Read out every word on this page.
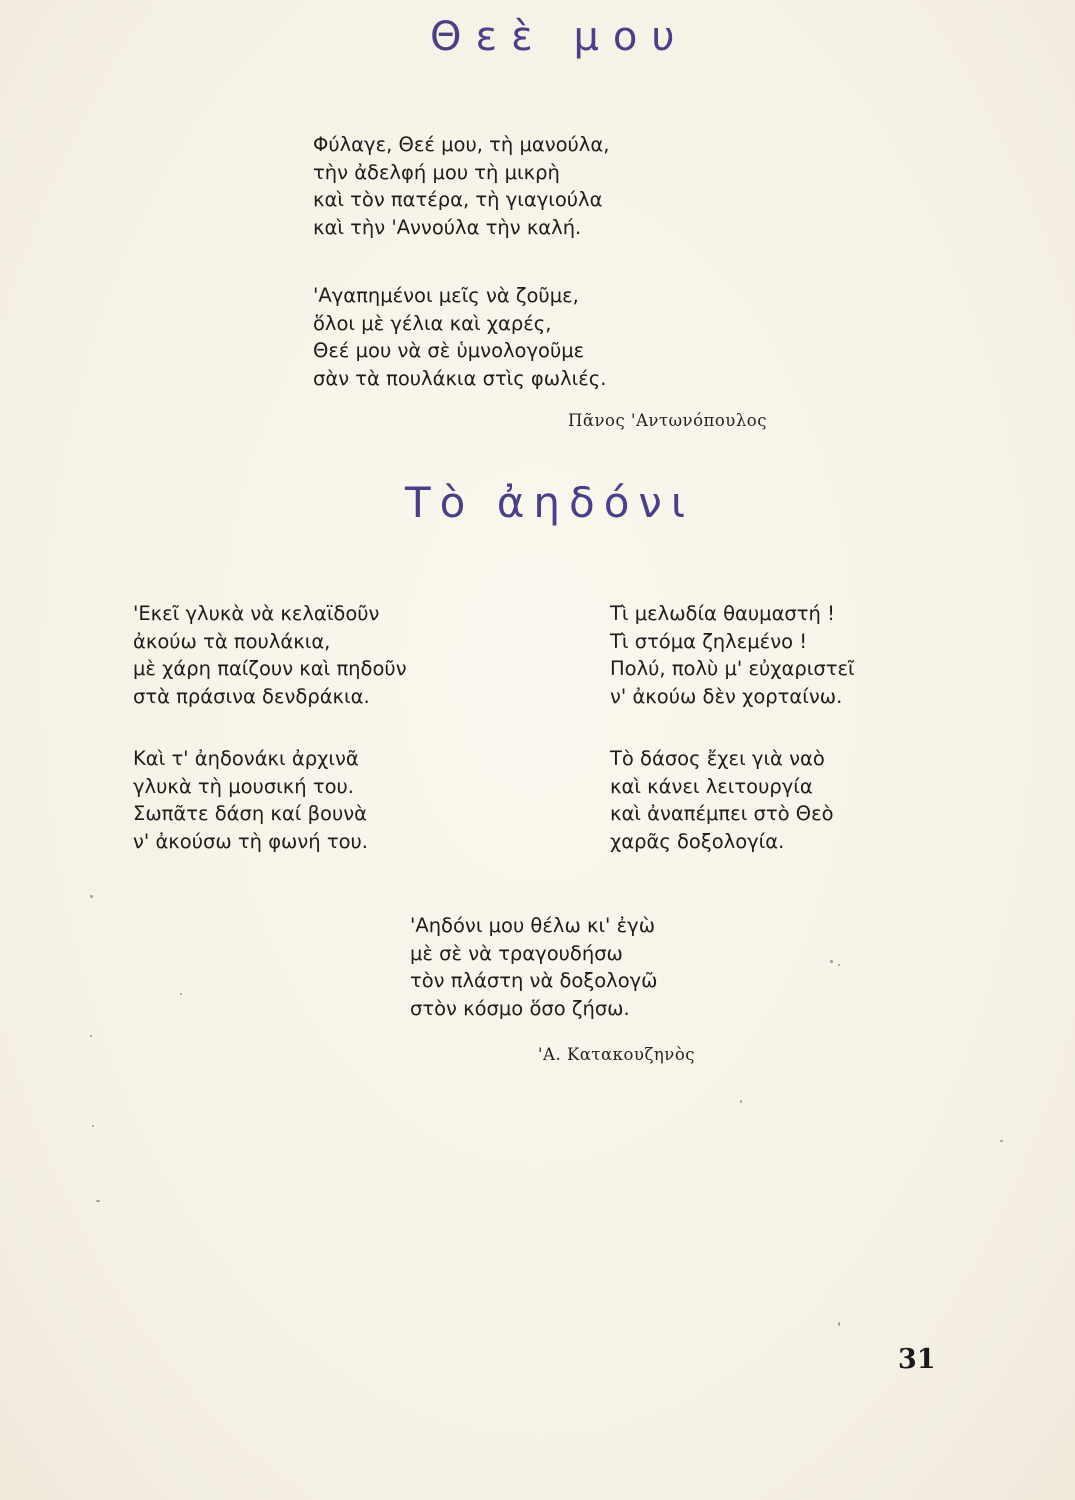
Θεὲ μου
Φύλαγε, Θεέ μου, τὴ μανούλα,
τὴν ἀδελφή μου τὴ μικρὴ
καὶ τὸν πατέρα, τὴ γιαγιούλα
καὶ τὴν 'Αννούλα τὴν καλή.
'Αγαπημένοι μεῖς νὰ ζοῦμε,
ὅλοι μὲ γέλια καὶ χαρές,
Θεέ μου νὰ σὲ ὑμνολογοῦμε
σὰν τὰ πουλάκια στὶς φωλιές.
Πᾶνος 'Αντωνόπουλος
Τὸ ἀηδόνι
'Εκεῖ γλυκὰ νὰ κελαϊδοῦν
ἀκούω τὰ πουλάκια,
μὲ χάρη παίζουν καὶ πηδοῦν
στὰ πράσινα δενδράκια.
Καὶ τ' ἀηδονάκι ἀρχινᾶ
γλυκὰ τὴ μουσική του.
Σωπᾶτε δάση καί βουνὰ
ν' ἀκούσω τὴ φωνή του.
Τὶ μελωδία θαυμαστή !
Τὶ στόμα ζηλεμένο !
Πολύ, πολὺ μ' εὐχαριστεῖ
ν' ἀκούω δὲν χορταίνω.
Τὸ δάσος ἔχει γιὰ ναὸ
καὶ κάνει λειτουργία
καὶ ἀναπέμπει στὸ Θεὸ
χαρᾶς δοξολογία.
'Αηδόνι μου θέλω κι' ἐγὼ
μὲ σὲ νὰ τραγουδήσω
τὸν πλάστη νὰ δοξολογῶ
στὸν κόσμο ὅσο ζήσω.
'Α. Κατακουζηνὸς
31
